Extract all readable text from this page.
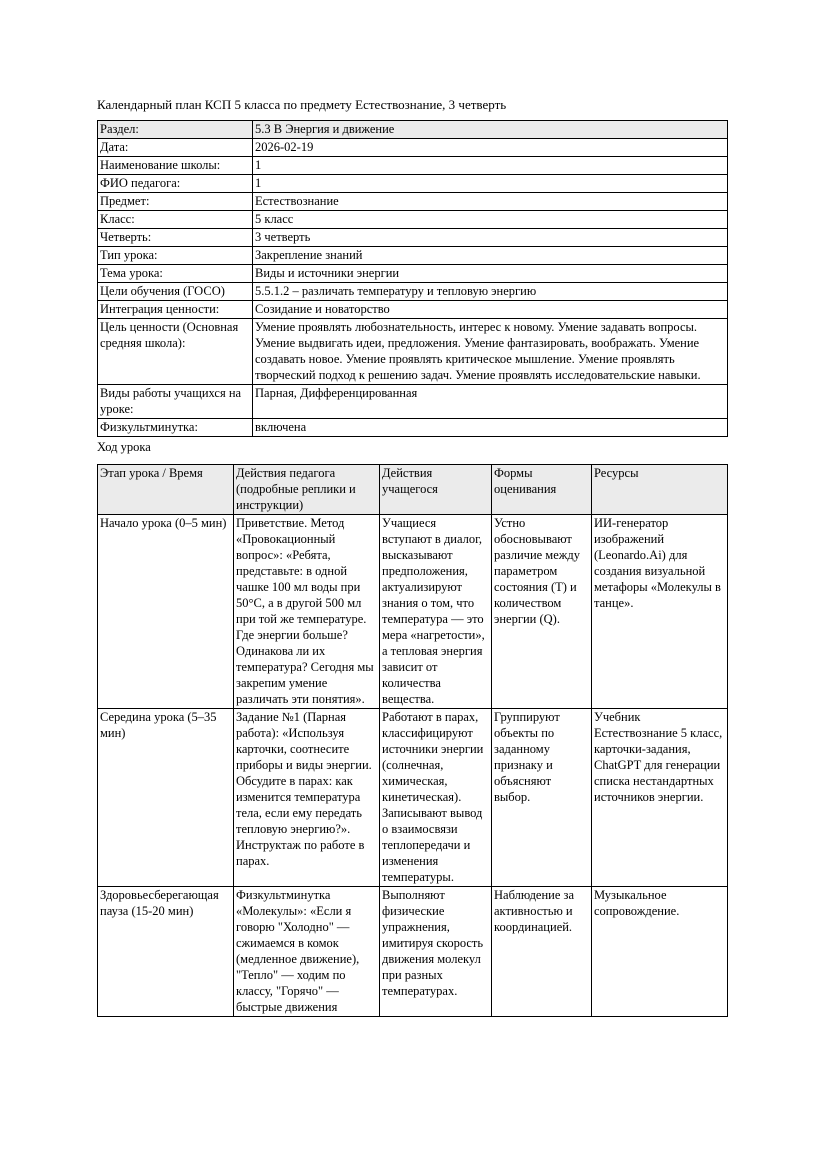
Календарный план КСП 5 класса по предмету Естествознание, 3 четверть

Раздел:	5.3 В Энергия и движение
Дата:	2026-02-19
Наименование школы:	1
ФИО педагога:	1
Предмет:	Естествознание
Класс:	5 класс
Четверть:	3 четверть
Тип урока:	Закрепление знаний
Тема урока:	Виды и источники энергии
Цели обучения (ГОСО)	5.5.1.2 – различать температуру и тепловую энергию
Интеграция ценности:	Созидание и новаторство
Цель ценности (Основная средняя школа):	Умение проявлять любознательность, интерес к новому. Умение задавать вопросы. Умение выдвигать идеи, предложения. Умение фантазировать, воображать. Умение создавать новое. Умение проявлять критическое мышление. Умение проявлять творческий подход к решению задач. Умение проявлять исследовательские навыки.
Виды работы учащихся на уроке:	Парная, Дифференцированная
Физкультминутка:	включена

Ход урока

Этап урока / Время	Действия педагога (подробные реплики и инструкции)	Действия учащегося	Формы оценивания	Ресурсы
Начало урока (0–5 мин)	Приветствие. Метод «Провокационный вопрос»: «Ребята, представьте: в одной чашке 100 мл воды при 50°C, а в другой 500 мл при той же температуре. Где энергии больше? Одинакова ли их температура? Сегодня мы закрепим умение различать эти понятия».	Учащиеся вступают в диалог, высказывают предположения, актуализируют знания о том, что температура — это мера «нагретости», а тепловая энергия зависит от количества вещества.	Устно обосновывают различие между параметром состояния (T) и количеством энергии (Q).	ИИ-генератор изображений (Leonardo.Ai) для создания визуальной метафоры «Молекулы в танце».
Середина урока (5–35 мин)	Задание №1 (Парная работа): «Используя карточки, соотнесите приборы и виды энергии. Обсудите в парах: как изменится температура тела, если ему передать тепловую энергию?». Инструктаж по работе в парах.	Работают в парах, классифицируют источники энергии (солнечная, химическая, кинетическая). Записывают вывод о взаимосвязи теплопередачи и изменения температуры.	Группируют объекты по заданному признаку и объясняют выбор.	Учебник Естествознание 5 класс, карточки-задания, ChatGPT для генерации списка нестандартных источников энергии.
Здоровьесберегающая пауза (15-20 мин)	Физкультминутка «Молекулы»: «Если я говорю "Холодно" — сжимаемся в комок (медленное движение), "Тепло" — ходим по классу, "Горячо" — быстрые движения	Выполняют физические упражнения, имитируя скорость движения молекул при разных температурах.	Наблюдение за активностью и координацией.	Музыкальное сопровождение.
